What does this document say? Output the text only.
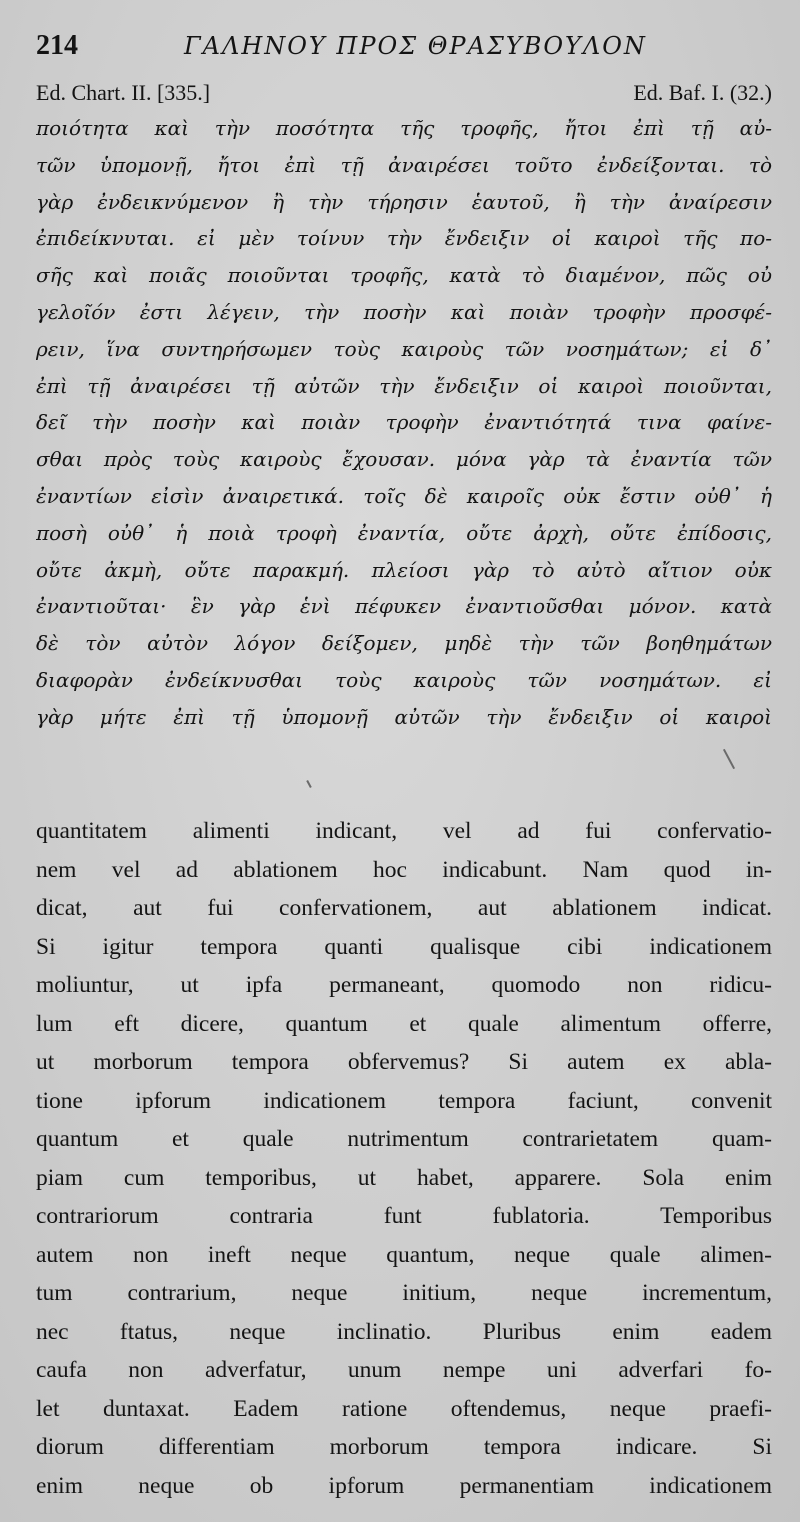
214	ΓΑΛΗΝΟΥ ΠΡΟΣ ΘΡΑΣΥΒΟΥΛΟΝ
Ed. Chart. II. [335.]	Ed. Baf. I. (32.)
ποιότητα καὶ τὴν ποσότητα τῆς τροφῆς, ἤτοι ἐπὶ τῇ αὐ-
τῶν ὑπομονῇ, ἤτοι ἐπὶ τῇ ἀναιρέσει τοῦτο ἐνδείξονται. τὸ
γὰρ ἐνδεικνύμενον ἢ τὴν τήρησιν ἑαυτοῦ, ἢ τὴν ἀναίρεσιν
ἐπιδείκνυται. εἰ μὲν τοίνυν τὴν ἔνδειξιν οἱ καιροὶ τῆς πο-
σῆς καὶ ποιᾶς ποιοῦνται τροφῆς, κατὰ τὸ διαμένον, πῶς οὐ
γελοῖόν ἐστι λέγειν, τὴν ποσὴν καὶ ποιὰν τροφὴν προσφέ-
ρειν, ἵνα συντηρήσωμεν τοὺς καιροὺς τῶν νοσημάτων; εἰ δ᾽
ἐπὶ τῇ ἀναιρέσει τῇ αὐτῶν τὴν ἔνδειξιν οἱ καιροὶ ποιοῦνται,
δεῖ τὴν ποσὴν καὶ ποιὰν τροφὴν ἐναντιότητά τινα φαίνε-
σθαι πρὸς τοὺς καιροὺς ἔχουσαν. μόνα γὰρ τὰ ἐναντία τῶν
ἐναντίων εἰσὶν ἀναιρετικά. τοῖς δὲ καιροῖς οὐκ ἔστιν οὐθ᾽ ἡ
ποσὴ οὐθ᾽ ἡ ποιὰ τροφὴ ἐναντία, οὔτε ἀρχὴ, οὔτε ἐπίδοσις,
οὔτε ἀκμὴ, οὔτε παρακμή. πλείοσι γὰρ τὸ αὐτὸ αἴτιον οὐκ
ἐναντιοῦται· ἓν γὰρ ἑνὶ πέφυκεν ἐναντιοῦσθαι μόνον. κατὰ
δὲ τὸν αὐτὸν λόγον δείξομεν, μηδὲ τὴν τῶν βοηθημάτων
διαφορὰν ἐνδείκνυσθαι τοὺς καιροὺς τῶν νοσημάτων. εἰ
γὰρ μήτε ἐπὶ τῇ ὑπομονῇ αὐτῶν τὴν ἔνδειξιν οἱ καιροὶ
quantitatem alimenti indicant, vel ad fui confervatio-
nem vel ad ablationem hoc indicabunt. Nam quod in-
dicat, aut fui confervationem, aut ablationem indicat.
Si igitur tempora quanti qualisque cibi indicationem
moliuntur, ut ipfa permaneant, quomodo non ridicu-
lum eft dicere, quantum et quale alimentum offerre,
ut morborum tempora obfervemus? Si autem ex abla-
tione ipforum indicationem tempora faciunt, convenit
quantum et quale nutrimentum contrarietatem quam-
piam cum temporibus, ut habet, apparere. Sola enim
contrariorum contraria funt fublatoria. Temporibus
autem non ineft neque quantum, neque quale alimen-
tum contrarium, neque initium, neque incrementum,
nec ftatus, neque inclinatio. Pluribus enim eadem
caufa non adverfatur, unum nempe uni adverfari fo-
let duntaxat. Eadem ratione oftendemus, neque praefi-
diorum differentiam morborum tempora indicare. Si
enim neque ob ipforum permanentiam indicationem
